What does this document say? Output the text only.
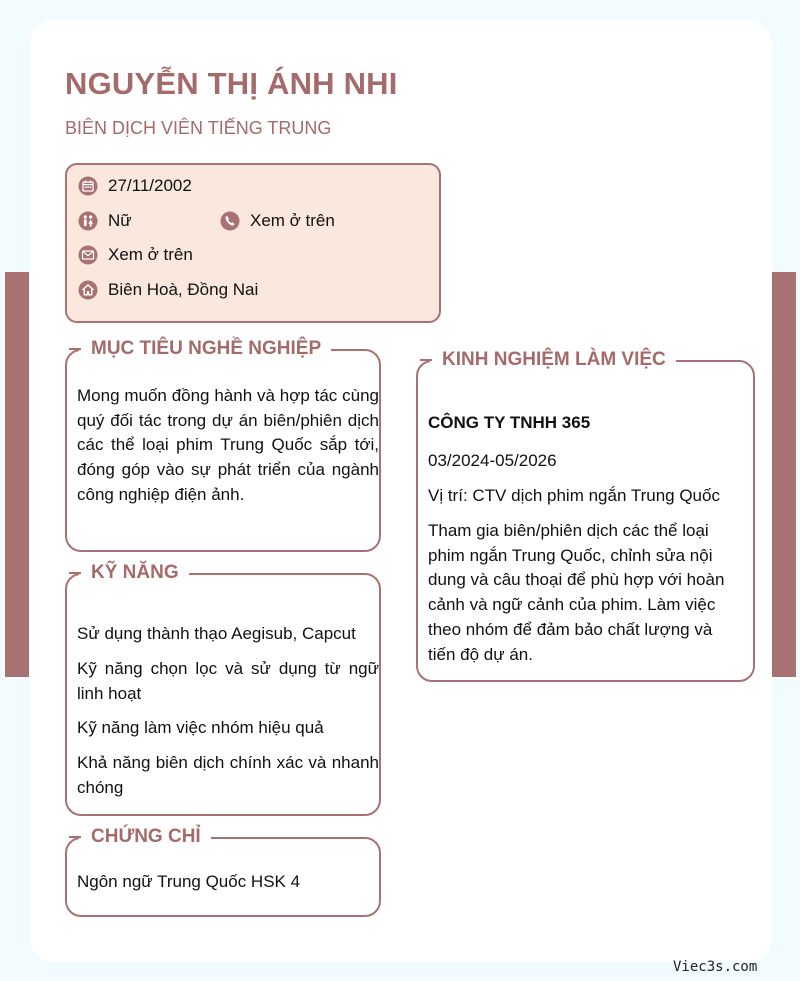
NGUYỄN THỊ ÁNH NHI

BIÊN DỊCH VIÊN TIẾNG TRUNG

27/11/2002
Nữ	Xem ở trên
Xem ở trên
Biên Hoà, Đồng Nai
MỤC TIÊU NGHỀ NGHIỆP
Mong muốn đồng hành và hợp tác cùng quý đối tác trong dự án biên/phiên dịch các thể loại phim Trung Quốc sắp tới, đóng góp vào sự phát triển của ngành công nghiệp điện ảnh.
KỸ NĂNG
Sử dụng thành thạo Aegisub, Capcut
Kỹ năng chọn lọc và sử dụng từ ngữ linh hoạt
Kỹ năng làm việc nhóm hiệu quả
Khả năng biên dịch chính xác và nhanh chóng
CHỨNG CHỈ
Ngôn ngữ Trung Quốc HSK 4
KINH NGHIỆM LÀM VIỆC
CÔNG TY TNHH 365
03/2024-05/2026
Vị trí: CTV dịch phim ngắn Trung Quốc
Tham gia biên/phiên dịch các thể loại phim ngắn Trung Quốc, chỉnh sửa nội dung và câu thoại để phù hợp với hoàn cảnh và ngữ cảnh của phim. Làm việc theo nhóm để đảm bảo chất lượng và tiến độ dự án.
Viec3s.com
